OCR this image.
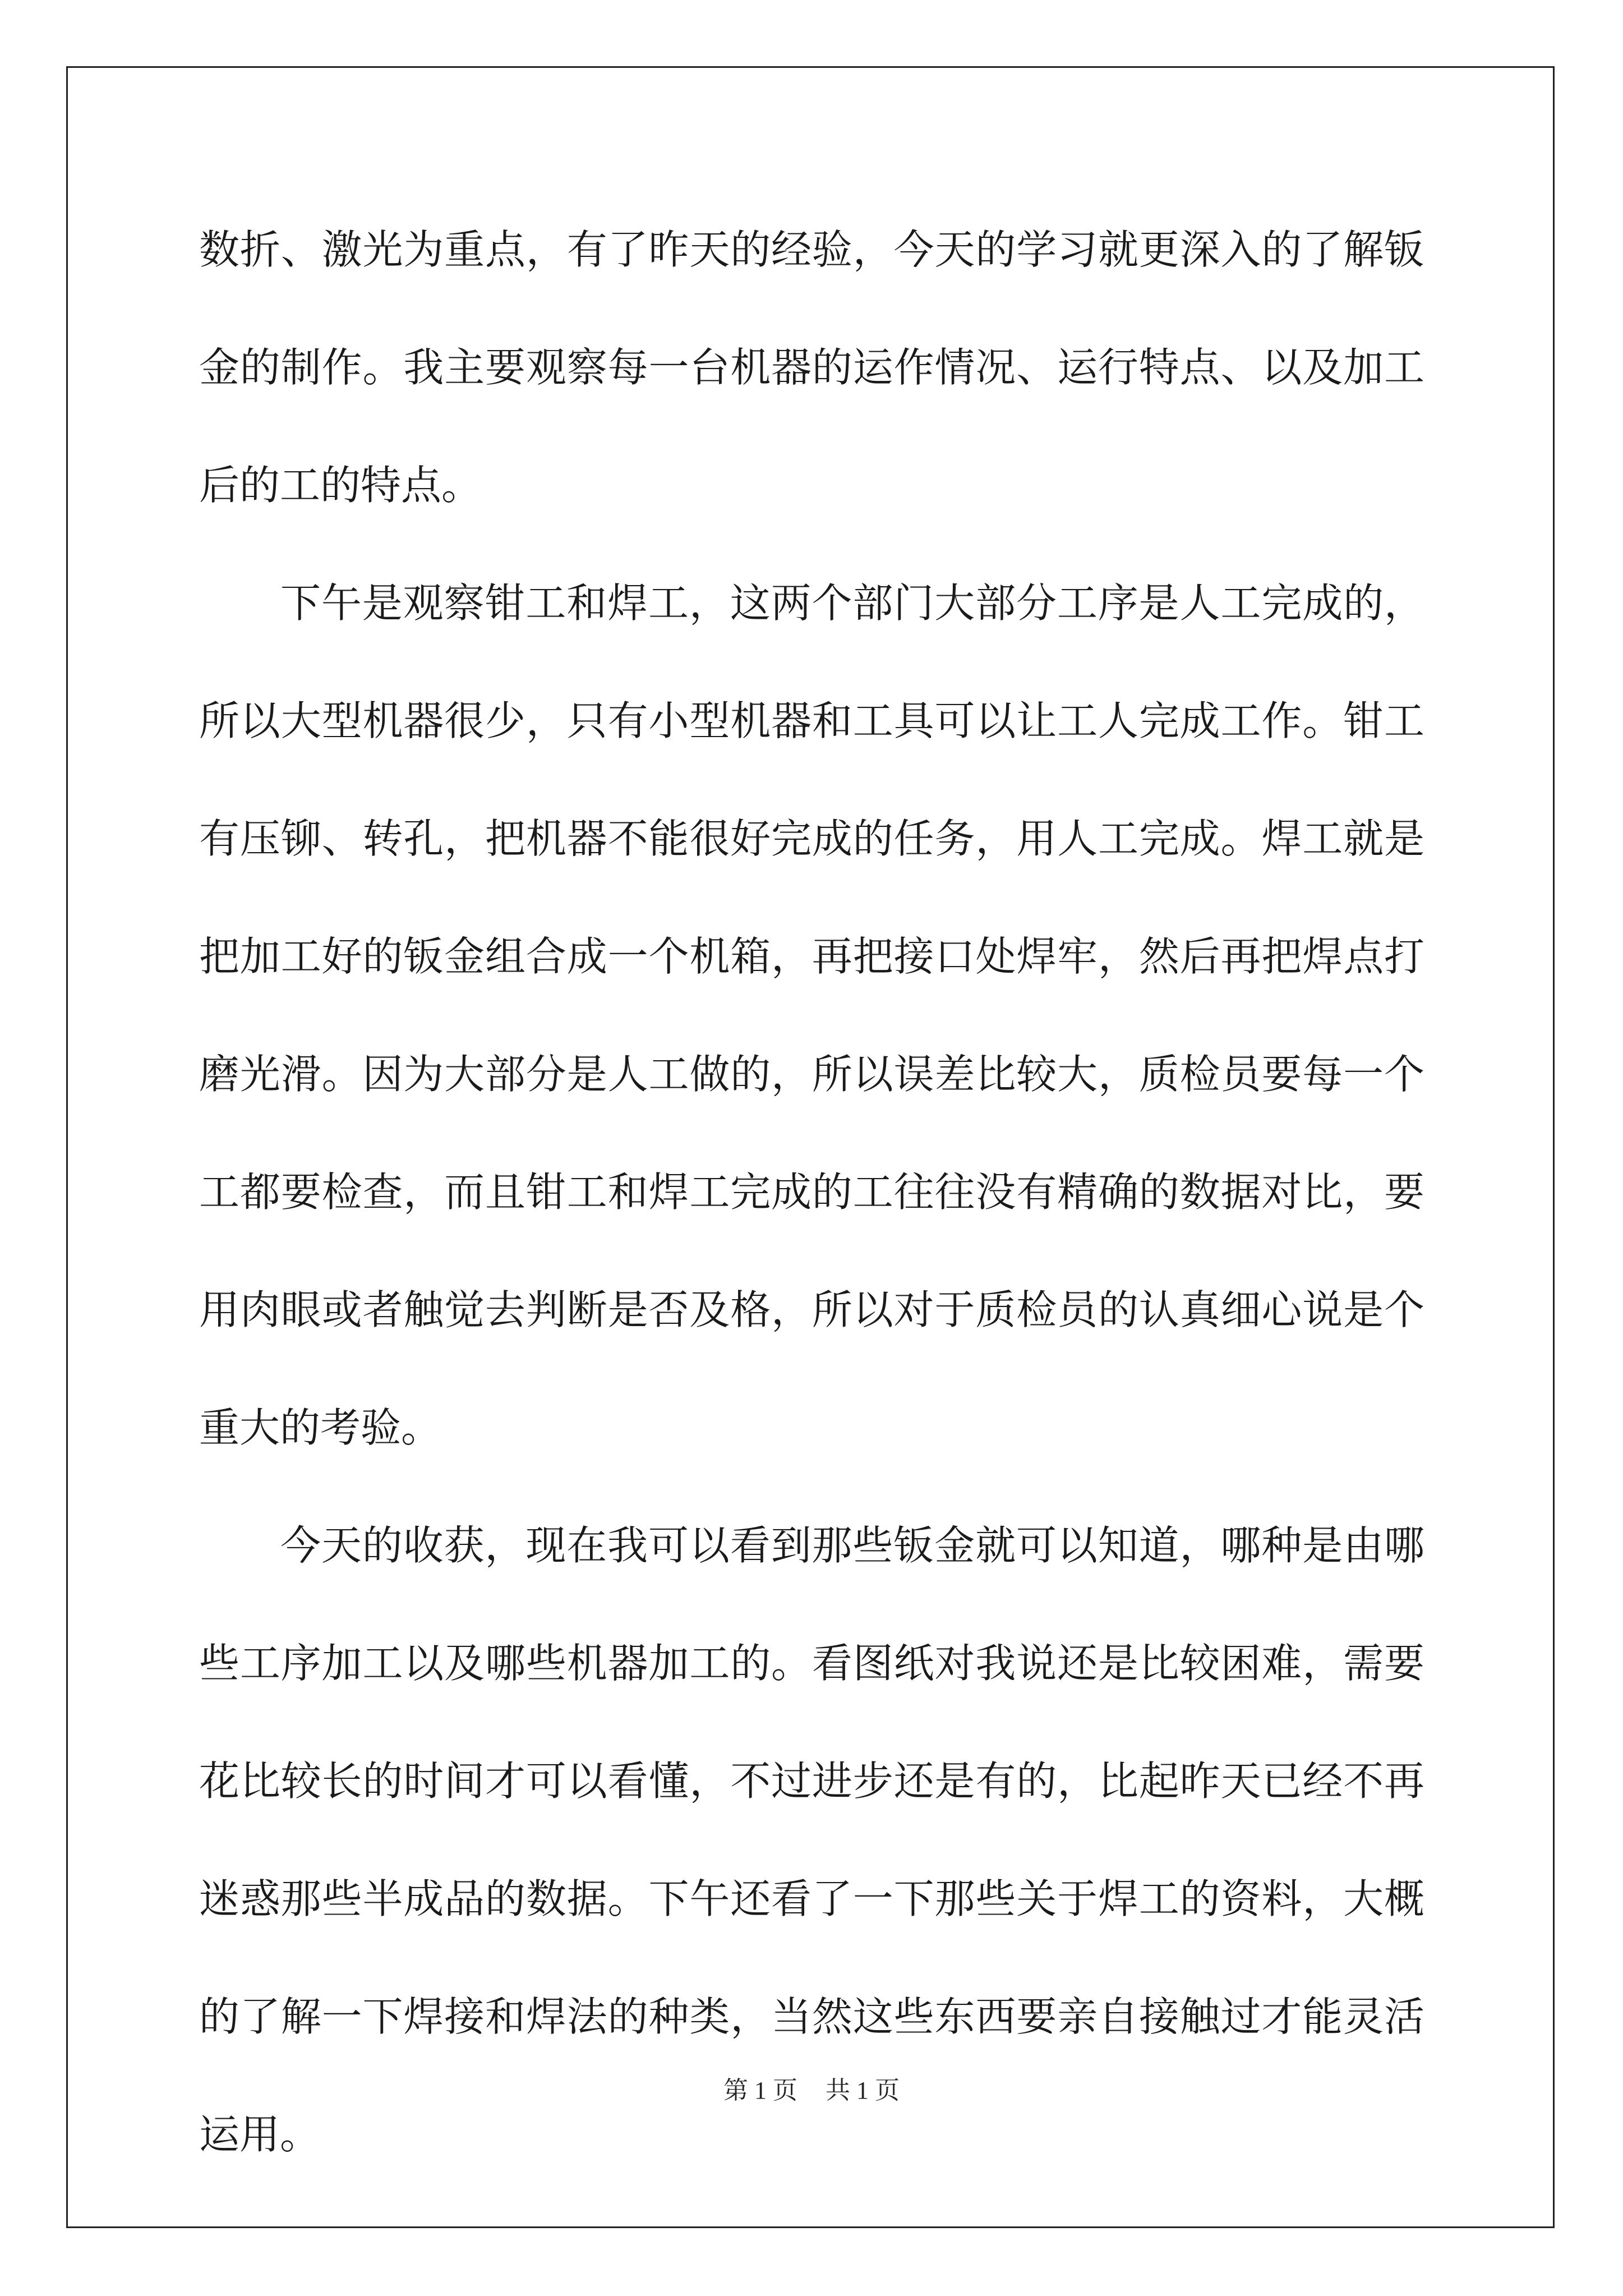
数折、激光为重点，有了昨天的经验，今天的学习就更深入的了解钣
金的制作。我主要观察每一台机器的运作情况、运行特点、以及加工
后的工的特点。
下午是观察钳工和焊工，这两个部门大部分工序是人工完成的，
所以大型机器很少，只有小型机器和工具可以让工人完成工作。钳工
有压铆、转孔，把机器不能很好完成的任务，用人工完成。焊工就是
把加工好的钣金组合成一个机箱，再把接口处焊牢，然后再把焊点打
磨光滑。因为大部分是人工做的，所以误差比较大，质检员要每一个
工都要检查，而且钳工和焊工完成的工往往没有精确的数据对比，要
用肉眼或者触觉去判断是否及格，所以对于质检员的认真细心说是个
重大的考验。
今天的收获，现在我可以看到那些钣金就可以知道，哪种是由哪
些工序加工以及哪些机器加工的。看图纸对我说还是比较困难，需要
花比较长的时间才可以看懂，不过进步还是有的，比起昨天已经不再
迷惑那些半成品的数据。下午还看了一下那些关于焊工的资料，大概
的了解一下焊接和焊法的种类，当然这些东西要亲自接触过才能灵活
运用。
第 1 页 共 1 页
